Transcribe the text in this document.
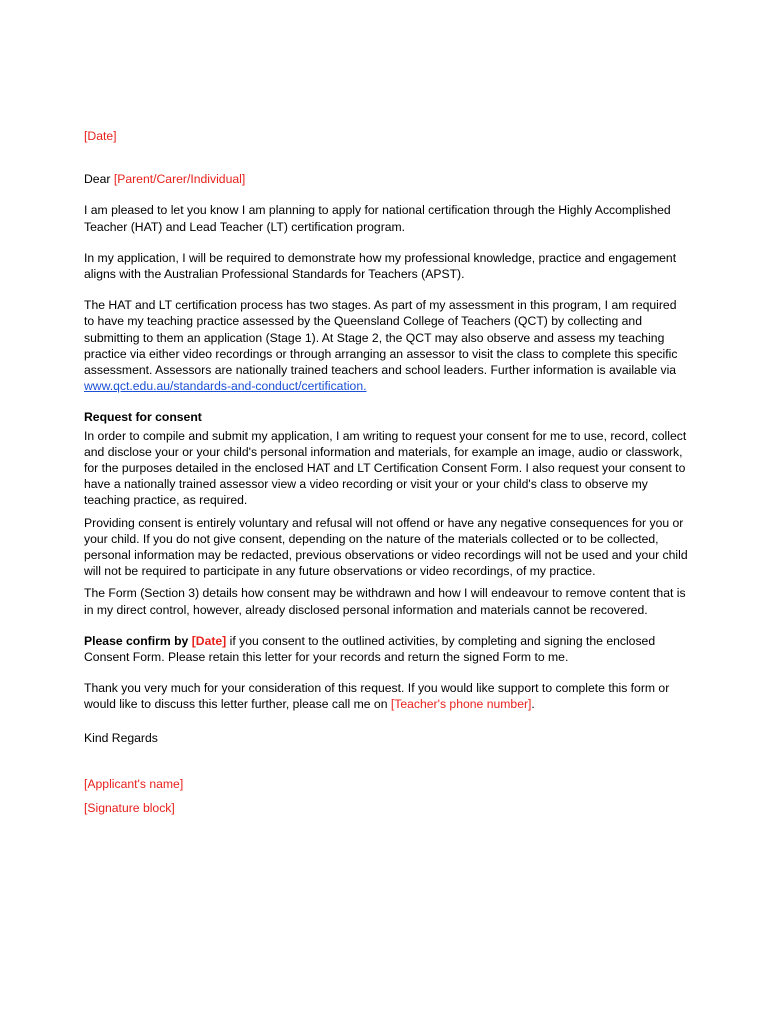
[Date]

Dear [Parent/Carer/Individual]

I am pleased to let you know I am planning to apply for national certification through the Highly Accomplished Teacher (HAT) and Lead Teacher (LT) certification program.

In my application, I will be required to demonstrate how my professional knowledge, practice and engagement aligns with the Australian Professional Standards for Teachers (APST).

The HAT and LT certification process has two stages. As part of my assessment in this program, I am required to have my teaching practice assessed by the Queensland College of Teachers (QCT) by collecting and submitting to them an application (Stage 1). At Stage 2, the QCT may also observe and assess my teaching practice via either video recordings or through arranging an assessor to visit the class to complete this specific assessment. Assessors are nationally trained teachers and school leaders. Further information is available via www.qct.edu.au/standards-and-conduct/certification.

Request for consent

In order to compile and submit my application, I am writing to request your consent for me to use, record, collect and disclose your or your child's personal information and materials, for example an image, audio or classwork, for the purposes detailed in the enclosed HAT and LT Certification Consent Form. I also request your consent to have a nationally trained assessor view a video recording or visit your or your child's class to observe my teaching practice, as required.

Providing consent is entirely voluntary and refusal will not offend or have any negative consequences for you or your child. If you do not give consent, depending on the nature of the materials collected or to be collected, personal information may be redacted, previous observations or video recordings will not be used and your child will not be required to participate in any future observations or video recordings, of my practice.

The Form (Section 3) details how consent may be withdrawn and how I will endeavour to remove content that is in my direct control, however, already disclosed personal information and materials cannot be recovered.

Please confirm by [Date] if you consent to the outlined activities, by completing and signing the enclosed Consent Form. Please retain this letter for your records and return the signed Form to me.

Thank you very much for your consideration of this request. If you would like support to complete this form or would like to discuss this letter further, please call me on [Teacher's phone number].

Kind Regards

[Applicant's name]

[Signature block]
